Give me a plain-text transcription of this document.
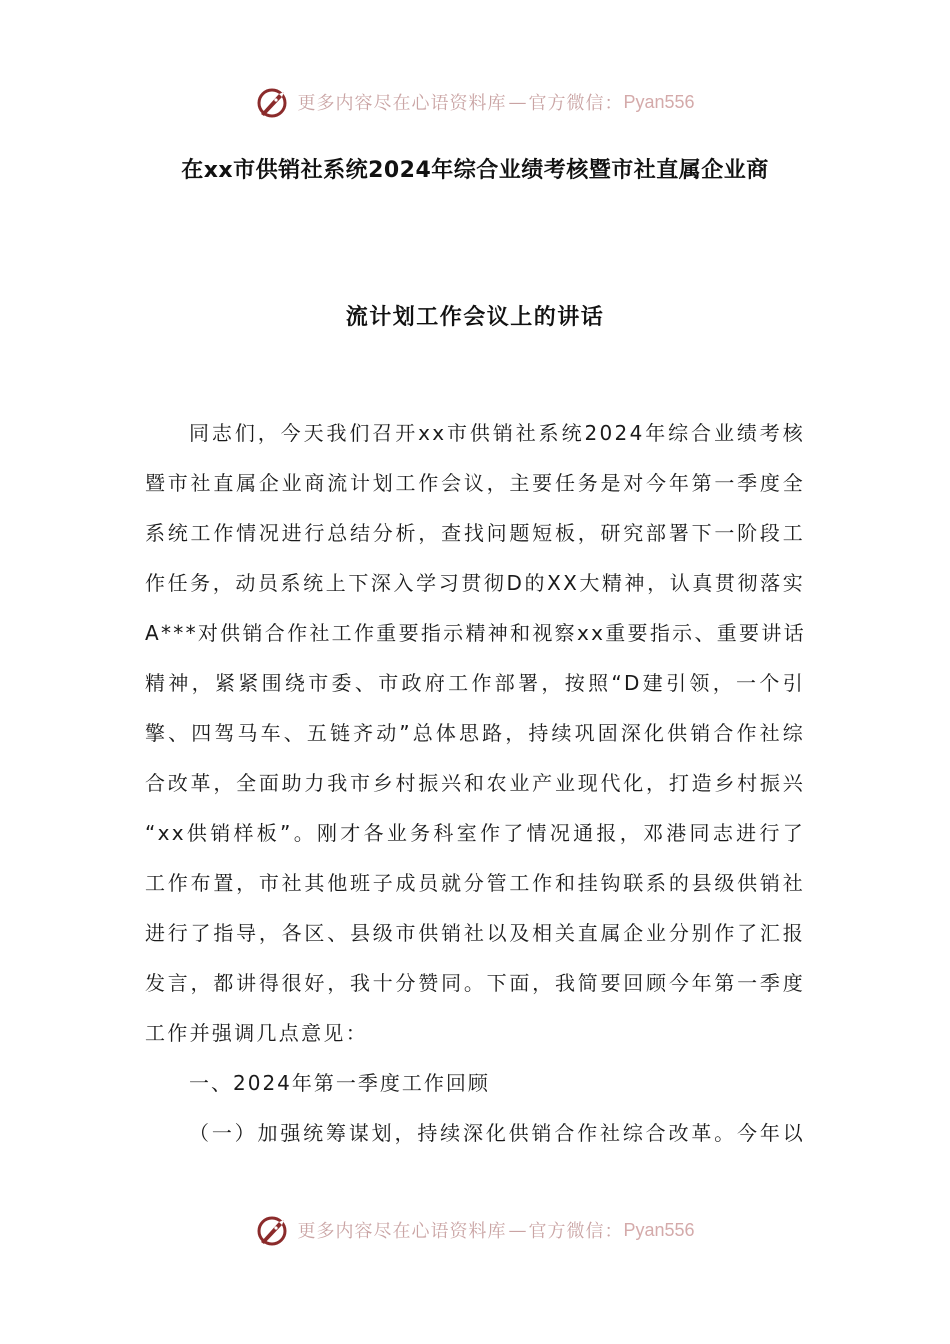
更多内容尽在心语资料库 — 官方微信： Pyan556
在xx市供销社系统2024年综合业绩考核暨市社直属企业商
流计划工作会议上的讲话
同志们，今天我们召开xx市供销社系统2024年综合业绩考核
暨市社直属企业商流计划工作会议，主要任务是对今年第一季度全
系统工作情况进行总结分析，查找问题短板，研究部署下一阶段工
作任务，动员系统上下深入学习贯彻D的XX大精神，认真贯彻落实
A***对供销合作社工作重要指示精神和视察xx重要指示、重要讲话
精神，紧紧围绕市委、市政府工作部署，按照“D建引领，一个引
擎、四驾马车、五链齐动”总体思路，持续巩固深化供销合作社综
合改革，全面助力我市乡村振兴和农业产业现代化，打造乡村振兴
“xx供销样板”。刚才各业务科室作了情况通报，邓港同志进行了
工作布置，市社其他班子成员就分管工作和挂钩联系的县级供销社
进行了指导，各区、县级市供销社以及相关直属企业分别作了汇报
发言，都讲得很好，我十分赞同。下面，我简要回顾今年第一季度
工作并强调几点意见：
一、2024年第一季度工作回顾
（一）加强统筹谋划，持续深化供销合作社综合改革。今年以
更多内容尽在心语资料库 — 官方微信： Pyan556
